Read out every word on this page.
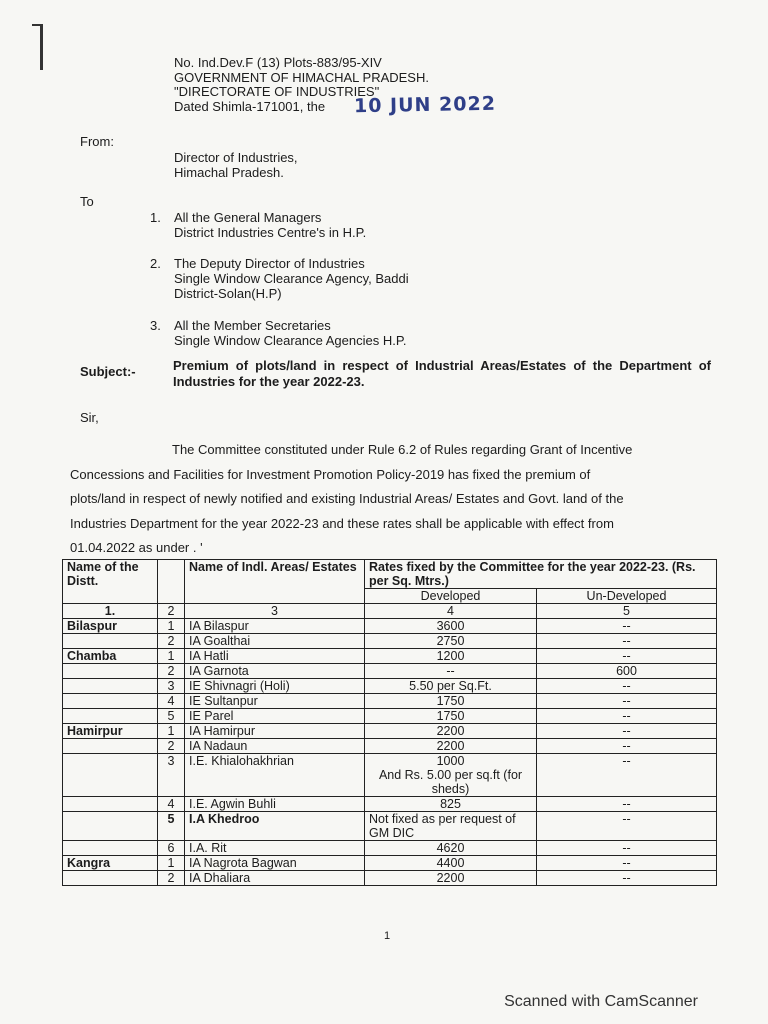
No. Ind.Dev.F (13) Plots-883/95-XIV
GOVERNMENT OF HIMACHAL PRADESH.
"DIRECTORATE OF INDUSTRIES"
Dated Shimla-171001, the	10 JUN 2022
From:
Director of Industries,
Himachal Pradesh.
To
1. All the General Managers
District Industries Centre's in H.P.
2. The Deputy Director of Industries
Single Window Clearance Agency, Baddi
District-Solan(H.P)
3. All the Member Secretaries
Single Window Clearance Agencies H.P.
Subject:-	Premium of plots/land in respect of Industrial Areas/Estates of the Department of Industries for the year 2022-23.
Sir,
The Committee constituted under Rule 6.2 of Rules regarding Grant of Incentive
Concessions and Facilities for Investment Promotion Policy-2019 has fixed the premium of
plots/land in respect of newly notified and existing Industrial Areas/ Estates and Govt. land of the
Industries Department for the year 2022-23 and these rates shall be applicable with effect from
01.04.2022 as under . '
Name of the Distt.		Name of Indl. Areas/ Estates	Rates fixed by the Committee for the year 2022-23. (Rs. per Sq. Mtrs.)	
			Developed	Un-Developed
1.	2	3	4	5

Bilaspur	1	IA Bilaspur	3600	--

	2	IA Goalthai	2750	--

Chamba	1	IA Hatli	1200	--

	2	IA Garnota	--	600

	3	IE Shivnagri (Holi)	5.50 per Sq.Ft.	--

	4	IE Sultanpur	1750	--

	5	IE Parel	1750	--

Hamirpur	1	IA Hamirpur	2200	--

	2	IA Nadaun	2200	--

	3	I.E. Khialohakhrian	1000
And Rs. 5.00 per sq.ft (for sheds)	--

	4	I.E. Agwin Buhli	825	--

	5	I.A Khedroo	Not fixed as per request of GM DIC	--

	6	I.A. Rit	4620	--

Kangra	1	IA Nagrota Bagwan	4400	--

	2	IA Dhaliara	2200	--
1
Scanned with CamScanner
